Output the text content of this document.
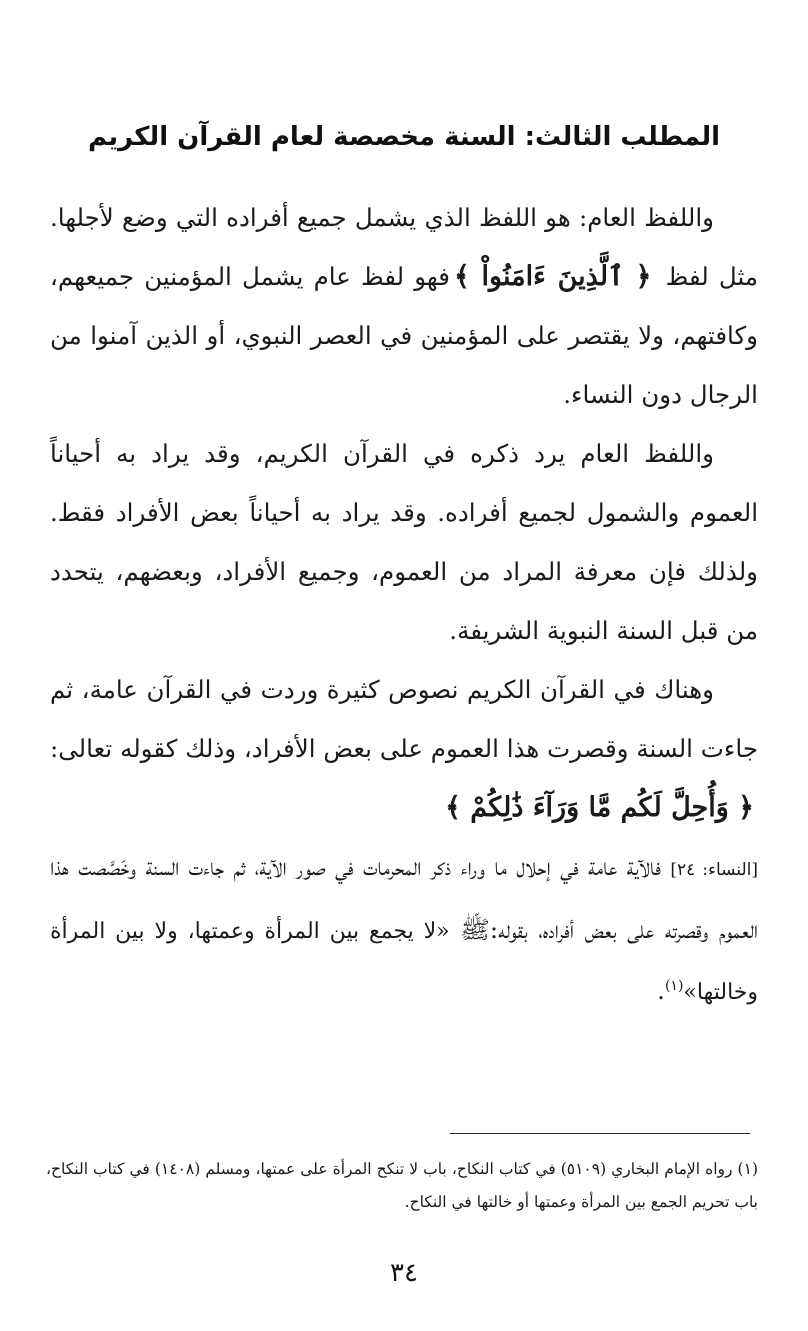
المطلب الثالث: السنة مخصصة لعام القرآن الكريم

واللفظ العام: هو اللفظ الذي يشمل جميع أفراده التي وضع لأجلها. مثل لفظ ﴿ ٱلَّذِينَ ءَامَنُواْ ﴾فهو لفظ عام يشمل المؤمنين جميعهم، وكافتهم، ولا يقتصر على المؤمنين في العصر النبوي، أو الذين آمنوا من الرجال دون النساء.

واللفظ العام يرد ذكره في القرآن الكريم، وقد يراد به أحياناً العموم والشمول لجميع أفراده. وقد يراد به أحياناً بعض الأفراد فقط. ولذلك فإن معرفة المراد من العموم، وجميع الأفراد، وبعضهم، يتحدد من قبل السنة النبوية الشريفة.

وهناك في القرآن الكريم نصوص كثيرة وردت في القرآن عامة، ثم جاءت السنة وقصرت هذا العموم على بعض الأفراد، وذلك كقوله تعالى:﴿ وَأُحِلَّ لَكُم مَّا وَرَآءَ ذَٰلِكُمْ ﴾
[النساء: ٢٤] فالآية عامة في إحلال ما وراء ذكر المحرمات في صور الآية، ثم جاءت السنة وخَصَّصت هذا العموم وقصرته على بعض أفراده، بقوله:ﷺ «لا يجمع بين المرأة وعمتها، ولا بين المرأة وخالتها»$^{(١)}$.

(١) رواه الإمام البخاري (٥١٠٩) في كتاب النكاح، باب لا تنكح المرأة على عمتها، ومسلم (١٤٠٨) في كتاب النكاح، باب تحريم الجمع بين المرأة وعمتها أو خالتها في النكاح.

٣٤
